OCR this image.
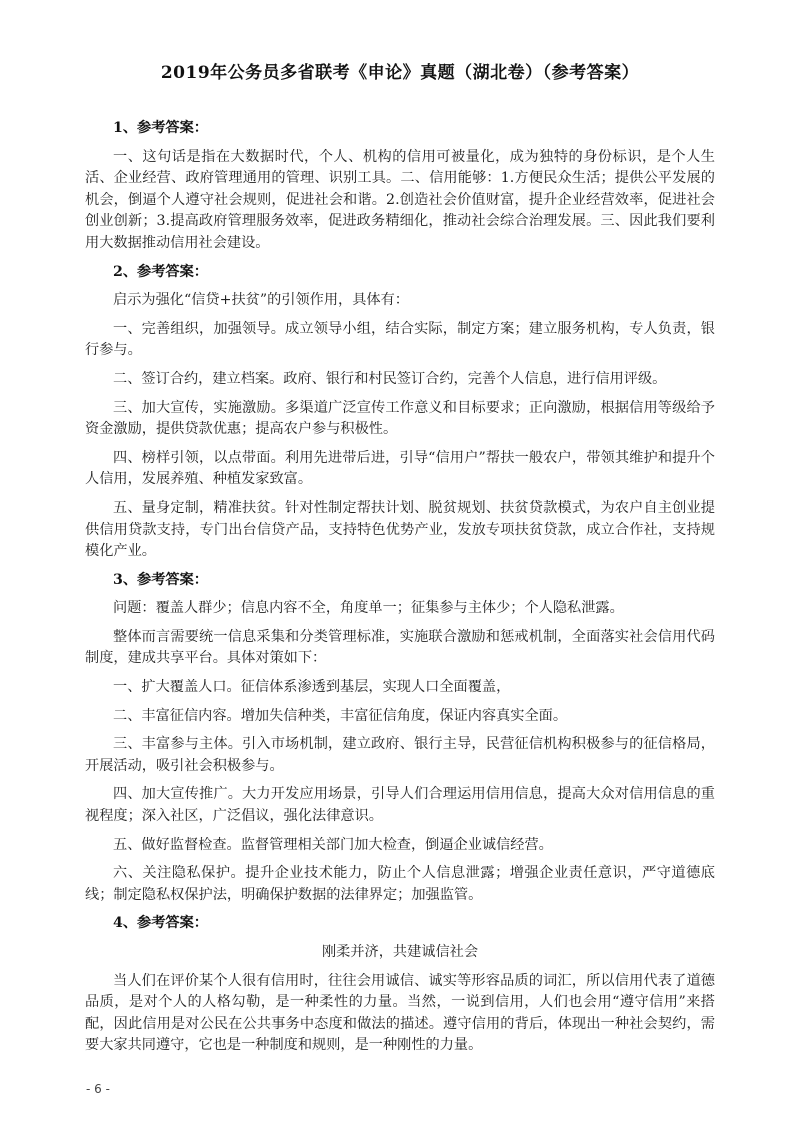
2019年公务员多省联考《申论》真题（湖北卷）（参考答案）
1、参考答案：

一、这句话是指在大数据时代，个人、机构的信用可被量化，成为独特的身份标识，是个人生活、企业经营、政府管理通用的管理、识别工具。二、信用能够：1.方便民众生活；提供公平发展的机会，倒逼个人遵守社会规则，促进社会和谐。2.创造社会价值财富，提升企业经营效率，促进社会创业创新；3.提高政府管理服务效率，促进政务精细化，推动社会综合治理发展。三、因此我们要利用大数据推动信用社会建设。

2、参考答案：

启示为强化“信贷+扶贫”的引领作用，具体有：

一、完善组织，加强领导。成立领导小组，结合实际，制定方案；建立服务机构，专人负责，银行参与。

二、签订合约，建立档案。政府、银行和村民签订合约，完善个人信息，进行信用评级。

三、加大宣传，实施激励。多渠道广泛宣传工作意义和目标要求；正向激励，根据信用等级给予资金激励，提供贷款优惠；提高农户参与积极性。

四、榜样引领，以点带面。利用先进带后进，引导“信用户”帮扶一般农户，带领其维护和提升个人信用，发展养殖、种植发家致富。

五、量身定制，精准扶贫。针对性制定帮扶计划、脱贫规划、扶贫贷款模式，为农户自主创业提供信用贷款支持，专门出台信贷产品，支持特色优势产业，发放专项扶贫贷款，成立合作社，支持规模化产业。

3、参考答案：

问题：覆盖人群少；信息内容不全，角度单一；征集参与主体少；个人隐私泄露。

整体而言需要统一信息采集和分类管理标准，实施联合激励和惩戒机制，全面落实社会信用代码制度，建成共享平台。具体对策如下：

一、扩大覆盖人口。征信体系渗透到基层，实现人口全面覆盖，

二、丰富征信内容。增加失信种类，丰富征信角度，保证内容真实全面。

三、丰富参与主体。引入市场机制，建立政府、银行主导，民营征信机构积极参与的征信格局，开展活动，吸引社会积极参与。

四、加大宣传推广。大力开发应用场景，引导人们合理运用信用信息，提高大众对信用信息的重视程度；深入社区，广泛倡议，强化法律意识。

五、做好监督检查。监督管理相关部门加大检查，倒逼企业诚信经营。

六、关注隐私保护。提升企业技术能力，防止个人信息泄露；增强企业责任意识，严守道德底线；制定隐私权保护法，明确保护数据的法律界定；加强监管。

4、参考答案：
刚柔并济，共建诚信社会

当人们在评价某个人很有信用时，往往会用诚信、诚实等形容品质的词汇，所以信用代表了道德品质，是对个人的人格勾勒，是一种柔性的力量。当然，一说到信用，人们也会用“遵守信用”来搭配，因此信用是对公民在公共事务中态度和做法的描述。遵守信用的背后，体现出一种社会契约，需要大家共同遵守，它也是一种制度和规则，是一种刚性的力量。

- 6 -
